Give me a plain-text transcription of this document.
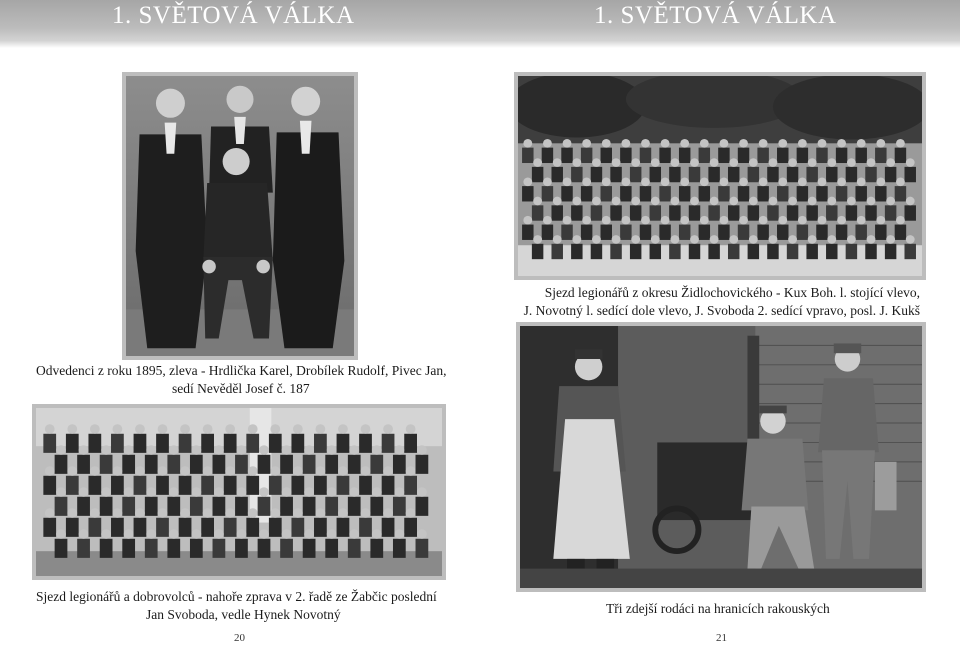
1. SVĚTOVÁ VÁLKA
Odvedenci z roku 1895, zleva - Hrdlička Karel, Drobílek Rudolf, Pivec Jan,
sedí Nevěděl Josef č. 187
Sjezd legionářů a dobrovolců - nahoře zprava v 2. řadě ze Žabčic poslední
Jan Svoboda, vedle Hynek Novotný
20
1. SVĚTOVÁ VÁLKA
Sjezd legionářů z okresu Židlochovického - Kux Boh. l. stojící vlevo,
J. Novotný l. sedící dole vlevo, J. Svoboda 2. sedící vpravo, posl. J. Kukš
Tři zdejší rodáci na hranicích rakouských
21
